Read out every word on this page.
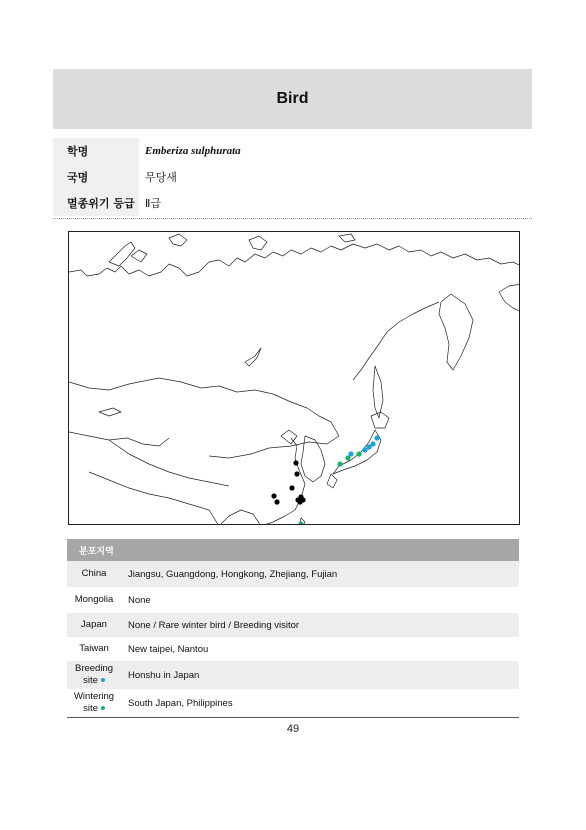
Bird
학명	Emberiza sulphurata
국명	무당새
멸종위기 등급 Ⅱ급
분포지역
China	Jiangsu, Guangdong, Hongkong, Zhejiang, Fujian
Mongolia	None
Japan	None / Rare winter bird / Breeding visitor
Taiwan	New taipei, Nantou
Breeding
site	Honshu in Japan
Wintering
site	South Japan, Philippines
49
